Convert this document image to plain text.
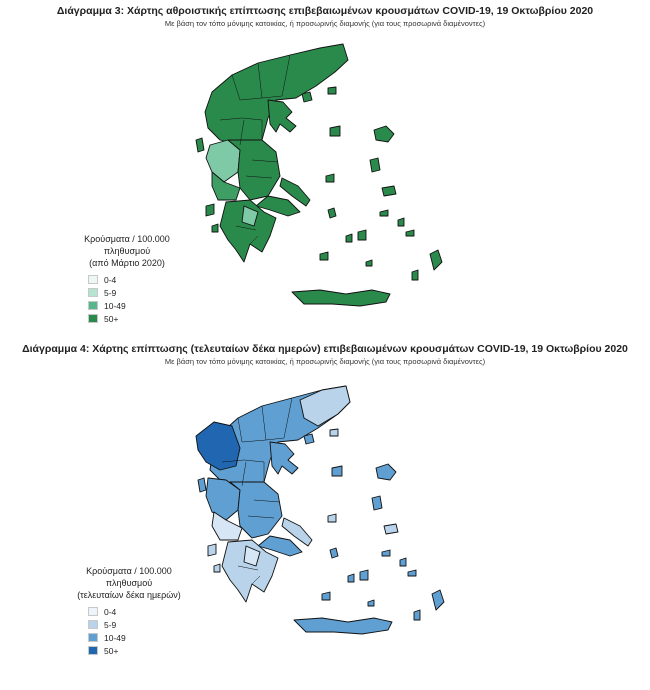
Διάγραμμα 3: Χάρτης αθροιστικής επίπτωσης επιβεβαιωμένων κρουσμάτων COVID-19, 19 Οκτωβρίου 2020
Με βάση τον τόπο μόνιμης κατοικίας, ή προσωρινής διαμονής (για τους προσωρινά διαμένοντες)
Κρούσματα / 100.000 πληθυσμού
(από Μάρτιο 2020)
0-4
5-9
10-49
50+
Διάγραμμα 4: Χάρτης επίπτωσης (τελευταίων δέκα ημερών) επιβεβαιωμένων κρουσμάτων COVID-19, 19 Οκτωβρίου 2020
Με βάση τον τόπο μόνιμης κατοικίας, ή προσωρινής διαμονής (για τους προσωρινά διαμένοντες)
Κρούσματα / 100.000 πληθυσμού
(τελευταίων δέκα ημερών)
0-4
5-9
10-49
50+
